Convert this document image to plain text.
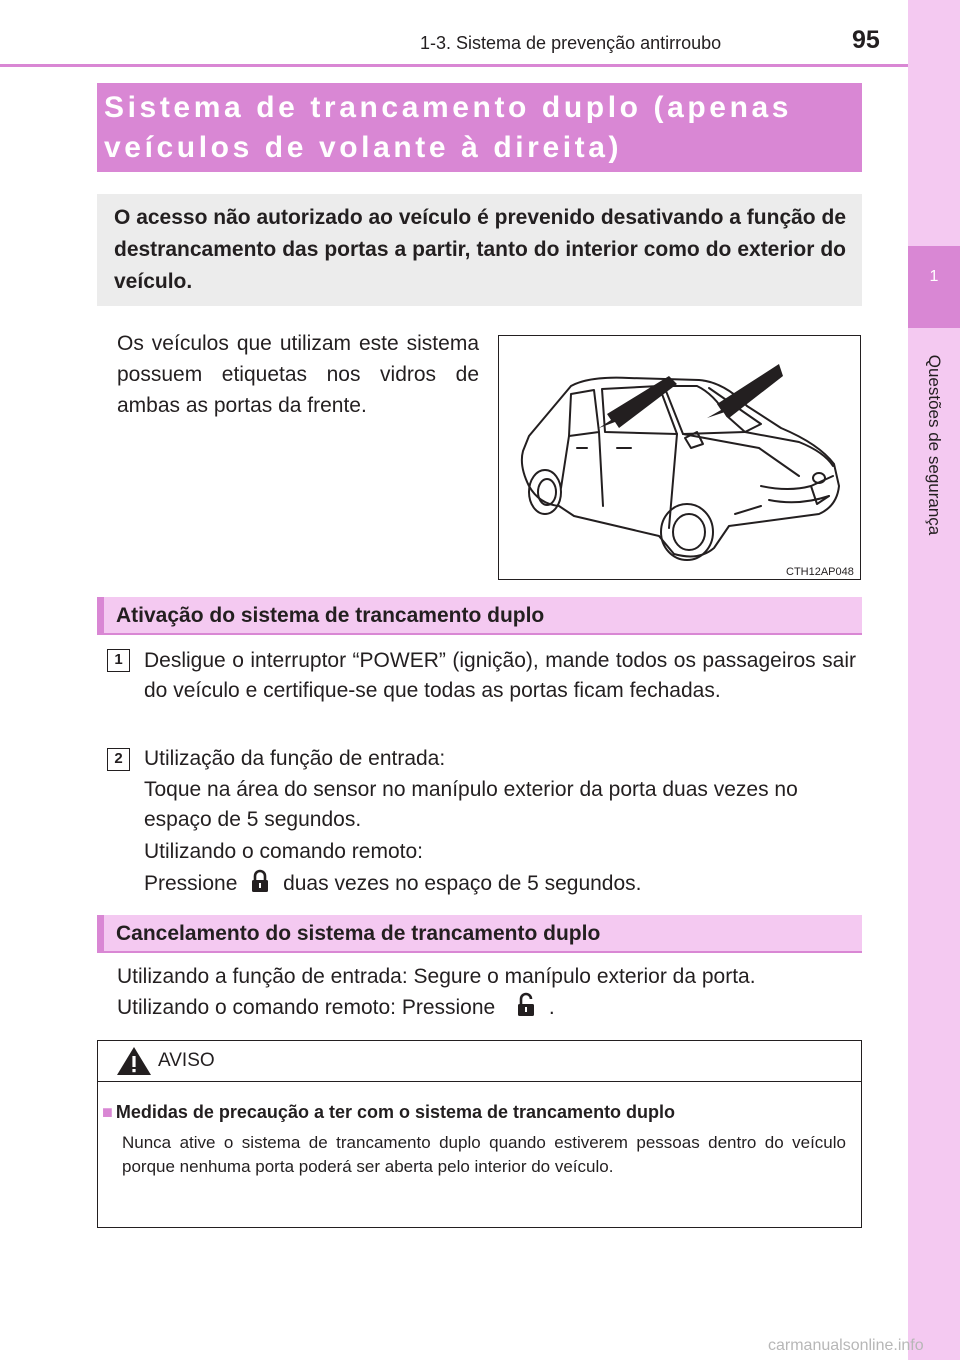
95
1-3. Sistema de prevenção antirroubo
1
Questões de segurança
Sistema de trancamento duplo (apenas veículos de volante à direita)
O acesso não autorizado ao veículo é prevenido desativando a função de destrancamento das portas a partir, tanto do interior como do exterior do veículo.
Os veículos que utilizam este sistema possuem etiquetas nos vidros de ambas as portas da frente.
CTH12AP048
Ativação do sistema de trancamento duplo
1	Desligue o interruptor “POWER” (ignição), mande todos os passageiros sair do veículo e certifique-se que todas as portas ficam fechadas.
2	Utilização da função de entrada:
Toque na área do sensor no manípulo exterior da porta duas vezes no espaço de 5 segundos.
Utilizando o comando remoto:
Pressione duas vezes no espaço de 5 segundos.
Cancelamento do sistema de trancamento duplo
Utilizando a função de entrada: Segure o manípulo exterior da porta.
Utilizando o comando remoto: Pressione	.
AVISO
■ Medidas de precaução a ter com o sistema de trancamento duplo
Nunca ative o sistema de trancamento duplo quando estiverem pessoas dentro do veículo porque nenhuma porta poderá ser aberta pelo interior do veículo.
carmanualsonline.info
